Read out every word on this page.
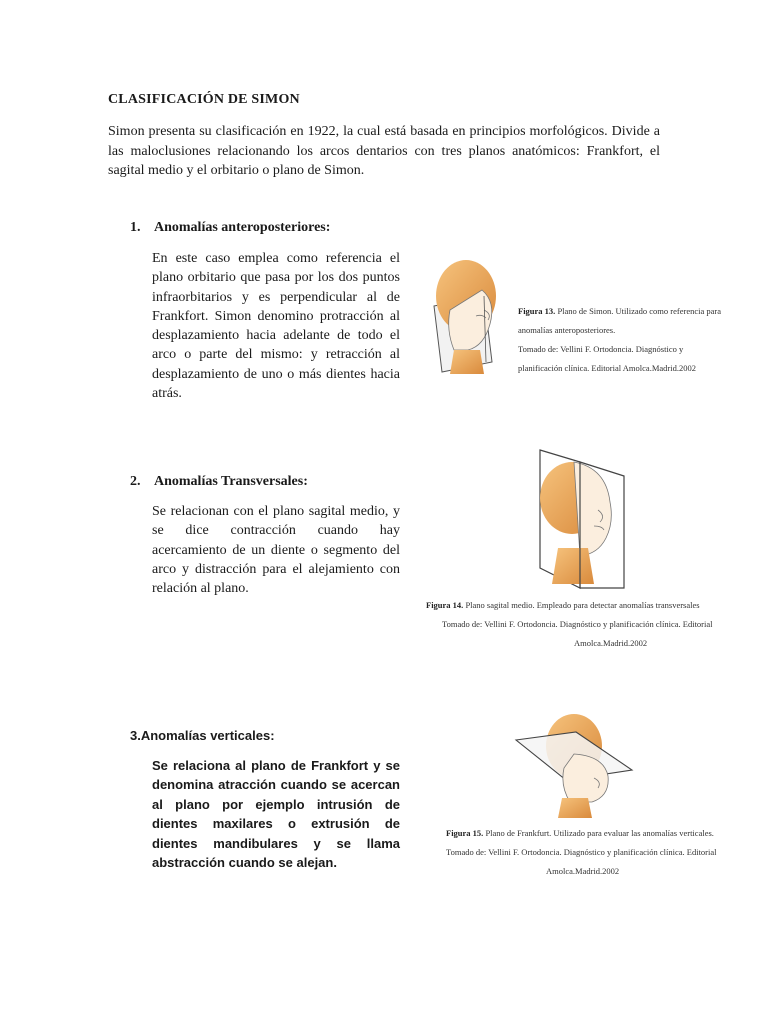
CLASIFICACIÓN DE SIMON
Simon presenta su clasificación en 1922, la cual está basada en principios morfológicos. Divide a las maloclusiones relacionando los arcos dentarios con tres planos anatómicos: Frankfort, el sagital medio y el orbitario o plano de Simon.
1. Anomalías anteroposteriores:
En este caso emplea como referencia el plano orbitario que pasa por los dos puntos infraorbitarios y es perpendicular al de Frankfort. Simon denomino protracción al desplazamiento hacia adelante de todo el arco o parte del mismo: y retracción al desplazamiento de uno o más dientes hacia atrás.
Figura 13. Plano de Simon. Utilizado como referencia para
anomalías anteroposteriores.
Tomado de: Vellini F. Ortodoncia. Diagnóstico y
planificación clínica. Editorial Amolca.Madrid.2002
2. Anomalías Transversales:
Se relacionan con el plano sagital medio, y se dice contracción cuando hay acercamiento de un diente o segmento del arco y distracción para el alejamiento con relación al plano.
Figura 14. Plano sagital medio. Empleado para detectar anomalías transversales
Tomado de: Vellini F. Ortodoncia. Diagnóstico y planificación clínica. Editorial
Amolca.Madrid.2002
3.Anomalías verticales:
Se relaciona al plano de Frankfort y se denomina atracción cuando se acercan al plano por ejemplo intrusión de dientes maxilares o extrusión de dientes mandibulares y se llama abstracción cuando se alejan.
Figura 15. Plano de Frankfurt. Utilizado para evaluar las anomalías verticales.
Tomado de: Vellini F. Ortodoncia. Diagnóstico y planificación clínica. Editorial
Amolca.Madrid.2002
